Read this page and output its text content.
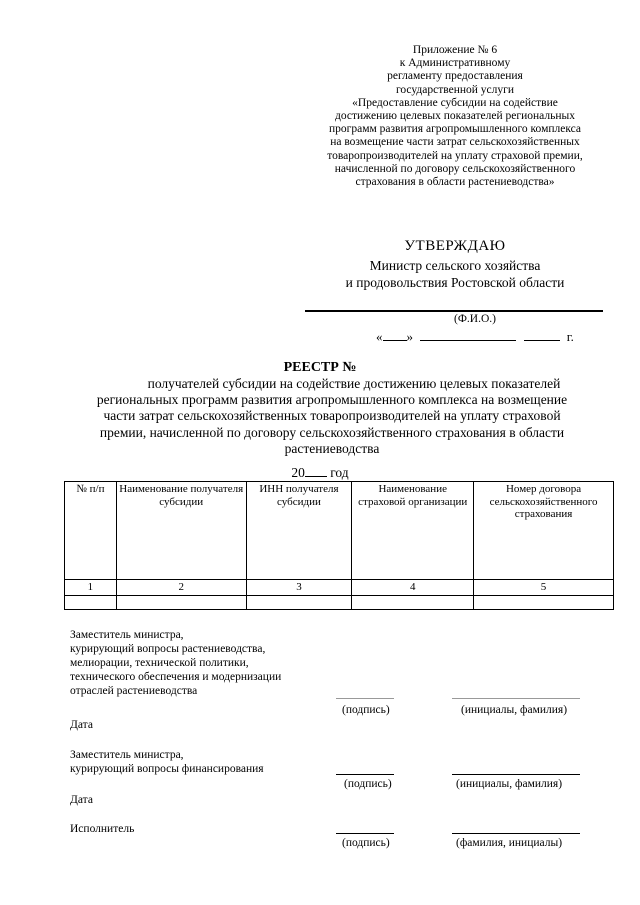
Приложение № 6
к Административному
регламенту предоставления
государственной услуги
«Предоставление субсидии на содействие
достижению целевых показателей региональных
программ развития агропромышленного комплекса
на возмещение части затрат сельскохозяйственных
товаропроизводителей на уплату страховой премии,
начисленной по договору сельскохозяйственного
страхования в области растениеводства»
УТВЕРЖДАЮ
Министр сельского хозяйства
и продовольствия Ростовской области
(Ф.И.О.)
« »	г.
РЕЕСТР №
получателей субсидии на содействие достижению целевых показателей
региональных программ развития агропромышленного комплекса на возмещение
части затрат сельскохозяйственных товаропроизводителей на уплату страховой
премии, начисленной по договору сельскохозяйственного страхования в области
растениеводства
20 год
№ п/п	Наименование получателя субсидии	ИНН получателя субсидии	Наименование страховой организации	Номер договора сельскохозяйственного страхования
1	2	3	4	5

Заместитель министра,
курирующий вопросы растениеводства,
мелиорации, технической политики,
технического обеспечения и модернизации
отраслей растениеводства
(подпись)	(инициалы, фамилия)
Дата
Заместитель министра,
курирующий вопросы финансирования
(подпись)	(инициалы, фамилия)
Дата
Исполнитель
(подпись)	(фамилия, инициалы)
